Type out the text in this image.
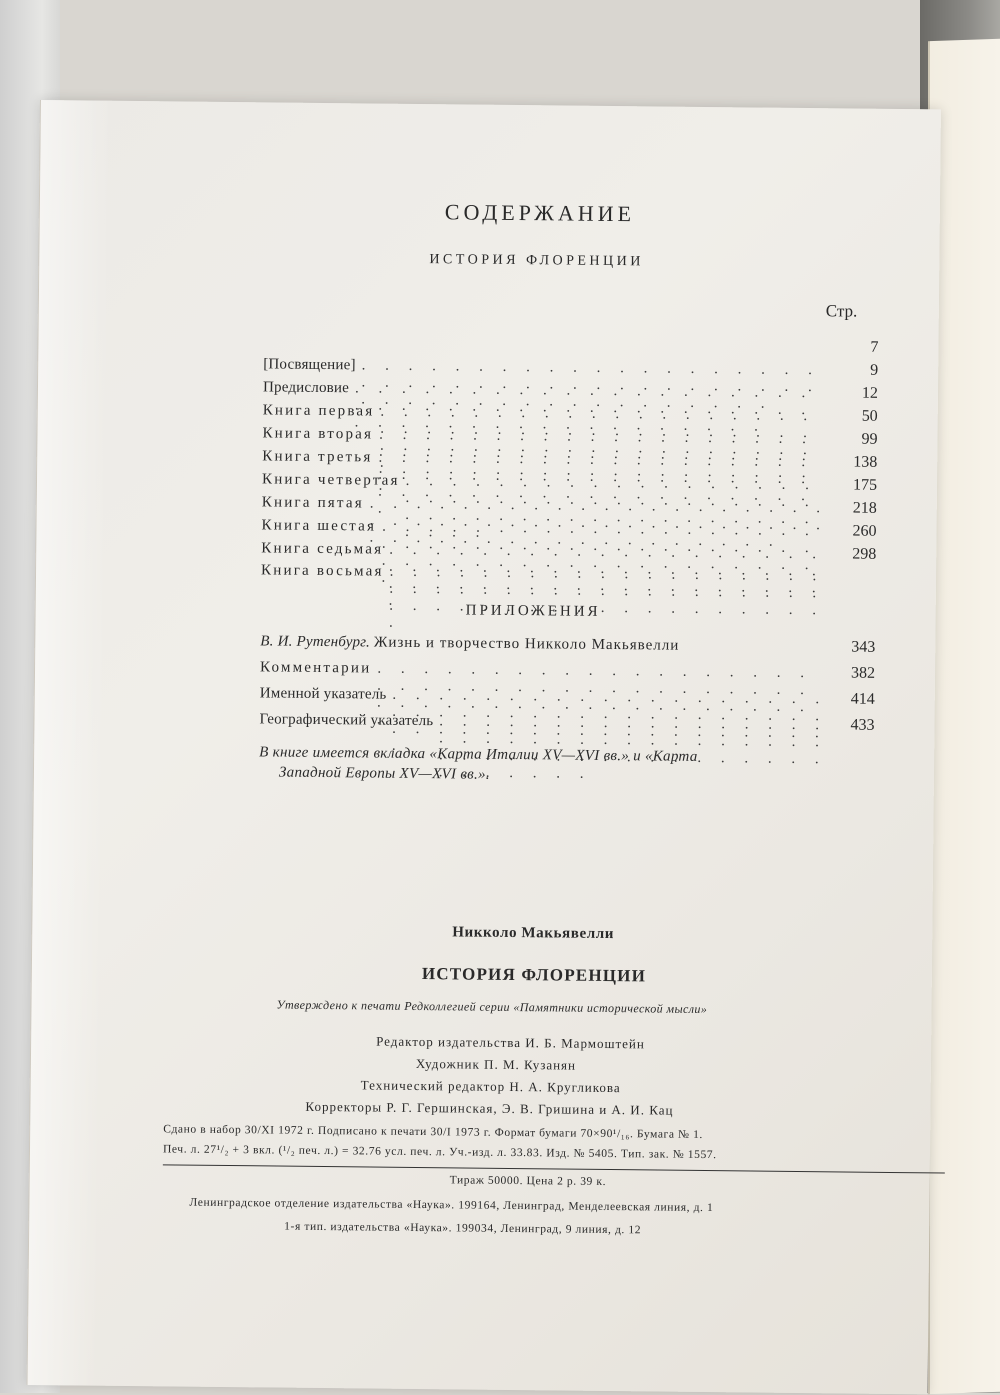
СОДЕРЖАНИЕ
ИСТОРИЯ ФЛОРЕНЦИИ
Стр.
7
[Посвящение] . . .	9
Предисловие . . .	12
Книга первая . . .	50
Книга вторая . . .	99
Книга третья . . .	138
Книга четвертая . . .	175
Книга пятая . . .	218
Книга шестая . . .	260
Книга седьмая . . .	298
Книга восьмая
. . .
ПРИЛОЖЕНИЯ
В. И. Рутенбург. Жизнь и творчество Никколо Макьявелли	343
Комментарии . . .	382
Именной указатель . . .	414
Географический указатель . . .	433
В книге имеется вкладка «Карта Италии XV—XVI вв.» и «Карта
Западной Европы XV—XVI вв.».
Никколо Макьявелли
ИСТОРИЯ ФЛОРЕНЦИИ
Утверждено к печати Редколлегией серии «Памятники исторической мысли»
Редактор издательства И. Б. Мармоштейн
Художник П. М. Кузанян
Технический редактор Н. А. Кругликова
Корректоры Р. Г. Гершинская, Э. В. Гришина и А. И. Кац
Сдано в набор 30/XI 1972 г. Подписано к печати 30/I 1973 г. Формат бумаги 70×90¹/₁₆. Бумага № 1.
Печ. л. 27¹/₂ + 3 вкл. (¹/₂ печ. л.) = 32.76 усл. печ. л. Уч.-изд. л. 33.83. Изд. № 5405. Тип. зак. № 1557.
Тираж 50000. Цена 2 р. 39 к.
Ленинградское отделение издательства «Наука». 199164, Ленинград, Менделеевская линия, д. 1
1-я тип. издательства «Наука». 199034, Ленинград, 9 линия, д. 12
